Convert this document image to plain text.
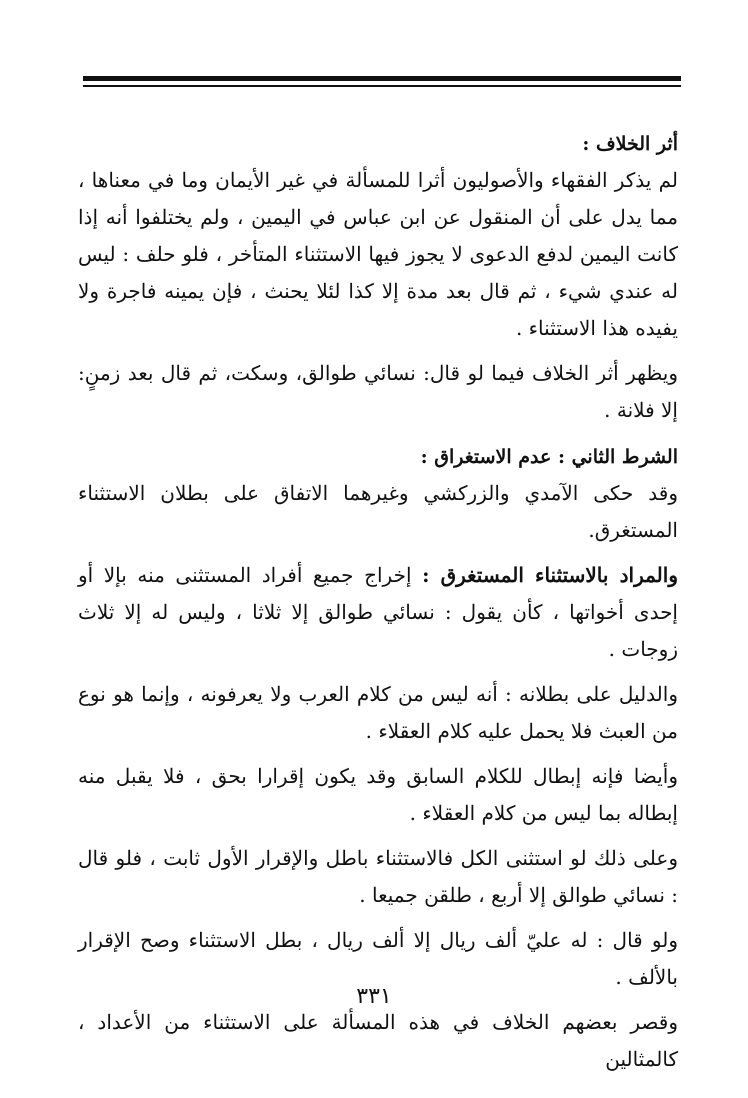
أثر الخلاف :

لم يذكر الفقهاء والأصوليون أثرا للمسألة في غير الأيمان وما في معناها ، مما يدل على أن المنقول عن ابن عباس في اليمين ، ولم يختلفوا أنه إذا كانت اليمين لدفع الدعوى لا يجوز فيها الاستثناء المتأخر ، فلو حلف : ليس له عندي شيء ، ثم قال بعد مدة إلا كذا لئلا يحنث ، فإن يمينه فاجرة ولا يفيده هذا الاستثناء .

ويظهر أثر الخلاف فيما لو قال: نسائي طوالق، وسكت، ثم قال بعد زمنٍ: إلا فلانة .

الشرط الثاني : عدم الاستغراق :

وقد حكى الآمدي والزركشي وغيرهما الاتفاق على بطلان الاستثناء المستغرق.

والمراد بالاستثناء المستغرق : إخراج جميع أفراد المستثنى منه بإلا أو إحدى أخواتها ، كأن يقول : نسائي طوالق إلا ثلاثا ، وليس له إلا ثلاث زوجات .

والدليل على بطلانه : أنه ليس من كلام العرب ولا يعرفونه ، وإنما هو نوع من العبث فلا يحمل عليه كلام العقلاء .

وأيضا فإنه إبطال للكلام السابق وقد يكون إقرارا بحق ، فلا يقبل منه إبطاله بما ليس من كلام العقلاء .

وعلى ذلك لو استثنى الكل فالاستثناء باطل والإقرار الأول ثابت ، فلو قال : نسائي طوالق إلا أربع ، طلقن جميعا .

ولو قال : له عليّ ألف ريال إلا ألف ريال ، بطل الاستثناء وصح الإقرار بالألف .

وقصر بعضهم الخلاف في هذه المسألة على الاستثناء من الأعداد ، كالمثالين

٣٣١
